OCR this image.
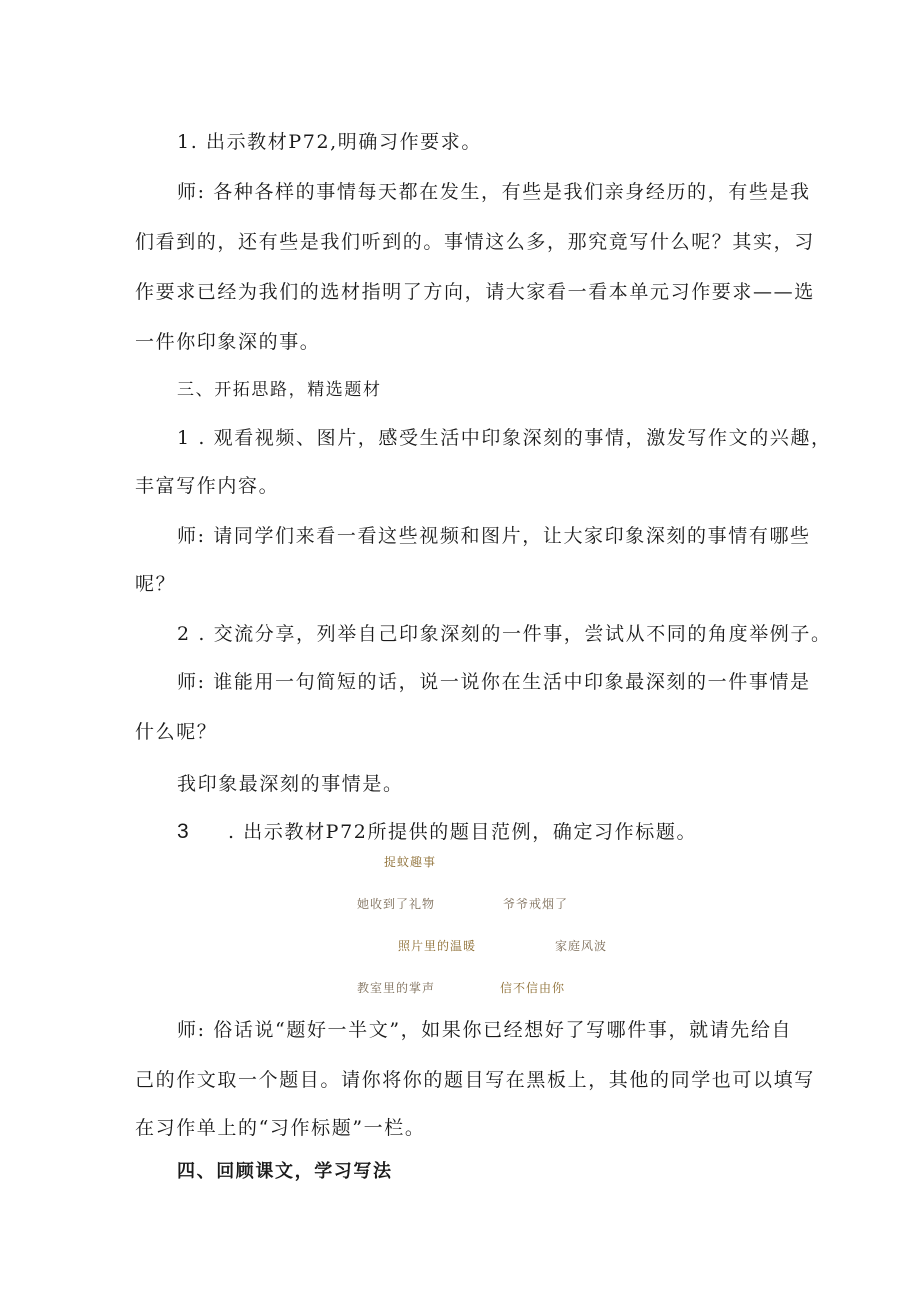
1. 出示教材P72,明确习作要求。
师: 各种各样的事情每天都在发生，有些是我们亲身经历的，有些是我
们看到的，还有些是我们听到的。事情这么多，那究竟写什么呢？其实，习
作要求已经为我们的选材指明了方向，请大家看一看本单元习作要求——选
一件你印象深的事。
三、开拓思路，精选题材
1 . 观看视频、图片，感受生活中印象深刻的事情，激发写作文的兴趣，
丰富写作内容。
师: 请同学们来看一看这些视频和图片，让大家印象深刻的事情有哪些
呢？
2 . 交流分享，列举自己印象深刻的一件事，尝试从不同的角度举例子。
师: 谁能用一句简短的话，说一说你在生活中印象最深刻的一件事情是
什么呢？
我印象最深刻的事情是。
3 . 出示教材P72所提供的题目范例，确定习作标题。
捉蚊趣事
她收到了礼物	爷爷戒烟了
照片里的温暖	家庭风波
教室里的掌声	信不信由你
师: 俗话说“题好一半文”，如果你已经想好了写哪件事，就请先给自
己的作文取一个题目。请你将你的题目写在黑板上，其他的同学也可以填写
在习作单上的“习作标题”一栏。
四、回顾课文，学习写法
